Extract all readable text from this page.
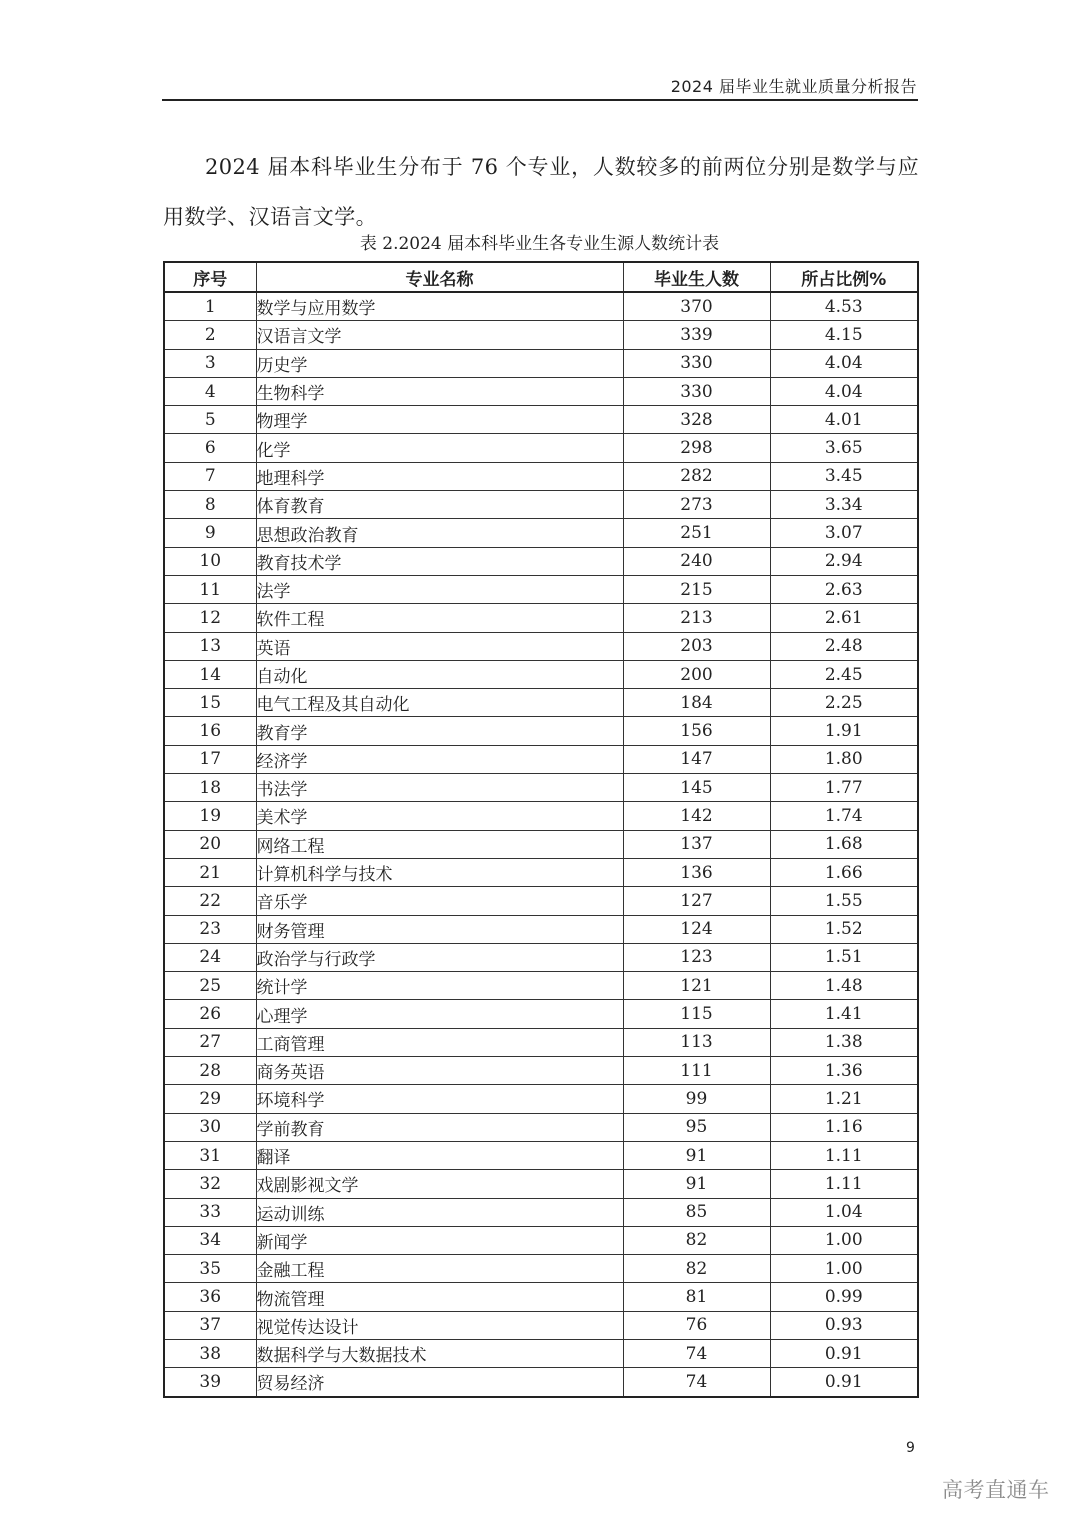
2024 届毕业生就业质量分析报告

2024 届本科毕业生分布于 76 个专业，人数较多的前两位分别是数学与应用数学、汉语言文学。

表 2.2024 届本科毕业生各专业生源人数统计表
序号	专业名称	毕业生人数	所占比例%
1	数学与应用数学	370	4.53
2	汉语言文学	339	4.15
3	历史学	330	4.04
4	生物科学	330	4.04
5	物理学	328	4.01
6	化学	298	3.65
7	地理科学	282	3.45
8	体育教育	273	3.34
9	思想政治教育	251	3.07
10	教育技术学	240	2.94
11	法学	215	2.63
12	软件工程	213	2.61
13	英语	203	2.48
14	自动化	200	2.45
15	电气工程及其自动化	184	2.25
16	教育学	156	1.91
17	经济学	147	1.80
18	书法学	145	1.77
19	美术学	142	1.74
20	网络工程	137	1.68
21	计算机科学与技术	136	1.66
22	音乐学	127	1.55
23	财务管理	124	1.52
24	政治学与行政学	123	1.51
25	统计学	121	1.48
26	心理学	115	1.41
27	工商管理	113	1.38
28	商务英语	111	1.36
29	环境科学	99	1.21
30	学前教育	95	1.16
31	翻译	91	1.11
32	戏剧影视文学	91	1.11
33	运动训练	85	1.04
34	新闻学	82	1.00
35	金融工程	82	1.00
36	物流管理	81	0.99
37	视觉传达设计	76	0.93
38	数据科学与大数据技术	74	0.91
39	贸易经济	74	0.91
9
高考直通车
